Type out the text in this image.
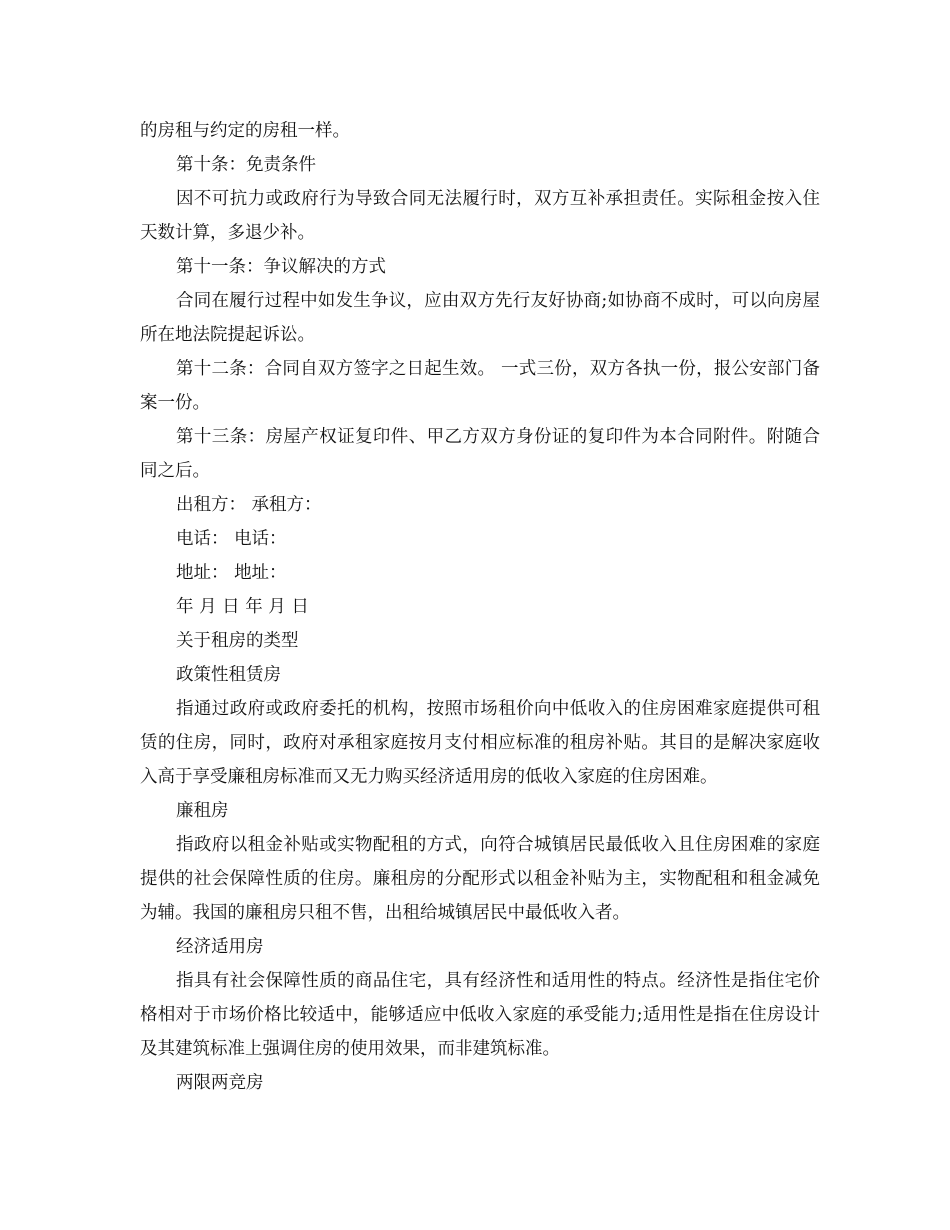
的房租与约定的房租一样。

第十条：免责条件

因不可抗力或政府行为导致合同无法履行时，双方互补承担责任。实际租金按入住天数计算，多退少补。

第十一条：争议解决的方式

合同在履行过程中如发生争议，应由双方先行友好协商;如协商不成时，可以向房屋所在地法院提起诉讼。

第十二条：合同自双方签字之日起生效。 一式三份，双方各执一份，报公安部门备案一份。

第十三条：房屋产权证复印件、甲乙方双方身份证的复印件为本合同附件。附随合同之后。

出租方： 承租方：

电话： 电话：

地址： 地址：

年 月 日 年 月 日

关于租房的类型

政策性租赁房

指通过政府或政府委托的机构，按照市场租价向中低收入的住房困难家庭提供可租赁的住房，同时，政府对承租家庭按月支付相应标准的租房补贴。其目的是解决家庭收入高于享受廉租房标准而又无力购买经济适用房的低收入家庭的住房困难。

廉租房

指政府以租金补贴或实物配租的方式，向符合城镇居民最低收入且住房困难的家庭提供的社会保障性质的住房。廉租房的分配形式以租金补贴为主，实物配租和租金减免为辅。我国的廉租房只租不售，出租给城镇居民中最低收入者。

经济适用房

指具有社会保障性质的商品住宅，具有经济性和适用性的特点。经济性是指住宅价格相对于市场价格比较适中，能够适应中低收入家庭的承受能力;适用性是指在住房设计及其建筑标准上强调住房的使用效果，而非建筑标准。

两限两竞房
